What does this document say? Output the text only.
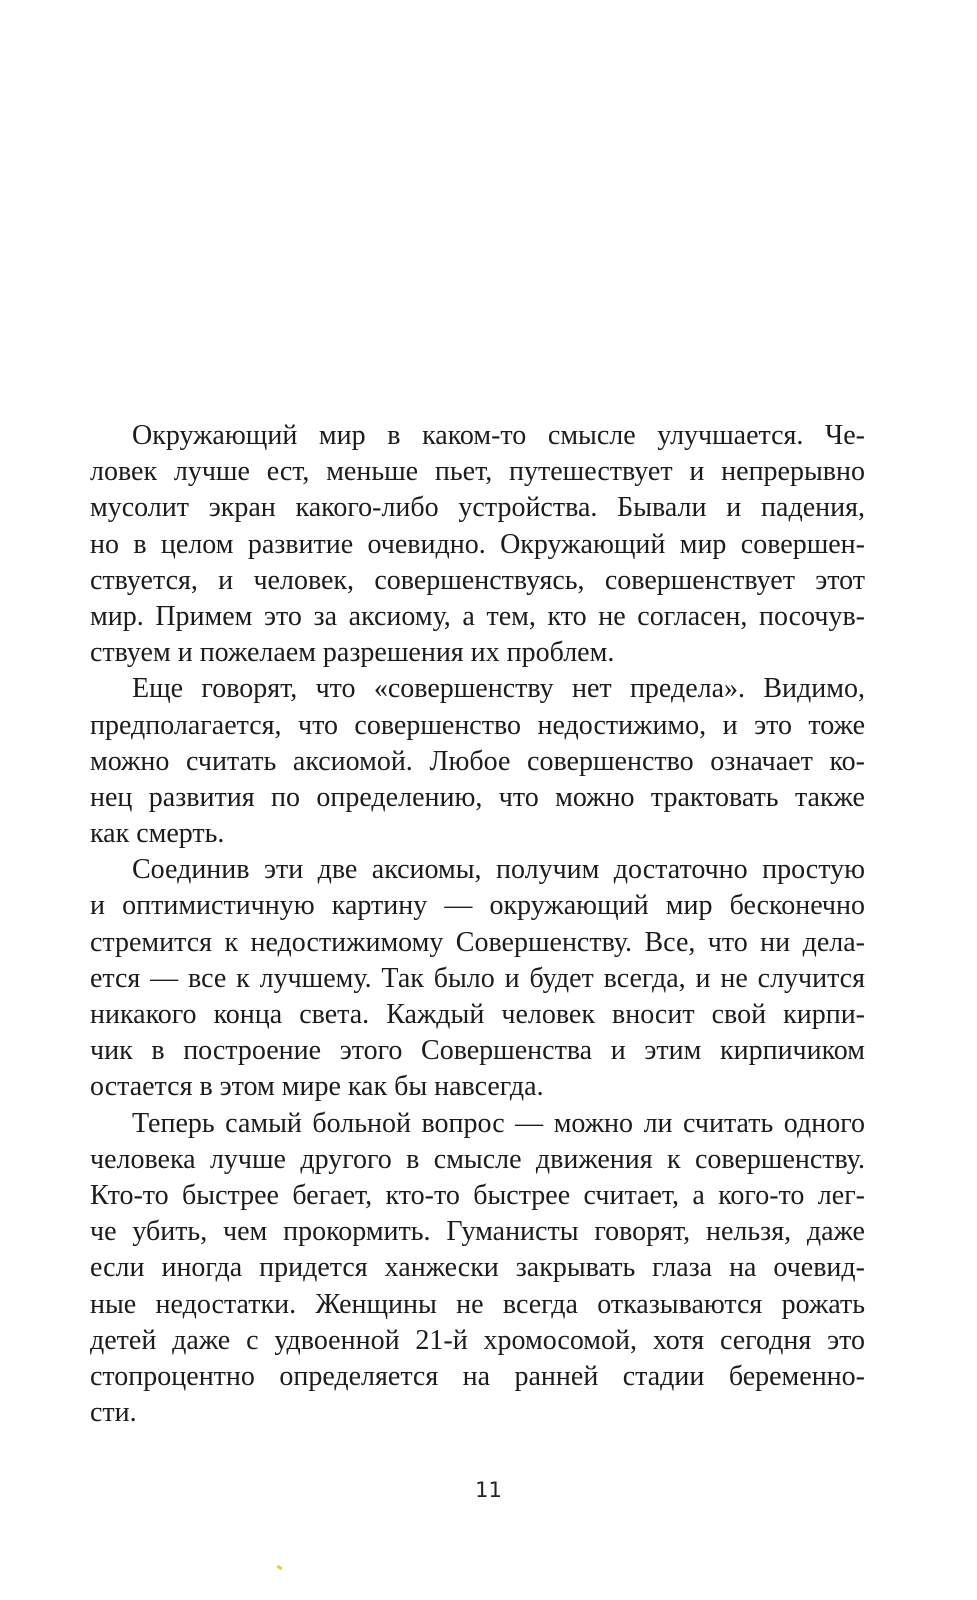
Окружающий мир в каком-то смысле улучшается. Че-
ловек лучше ест, меньше пьет, путешествует и непрерывно
мусолит экран какого-либо устройства. Бывали и падения,
но в целом развитие очевидно. Окружающий мир совершен-
ствуется, и человек, совершенствуясь, совершенствует этот
мир. Примем это за аксиому, а тем, кто не согласен, посочув-
ствуем и пожелаем разрешения их проблем.
Еще говорят, что «совершенству нет предела». Видимо,
предполагается, что совершенство недостижимо, и это тоже
можно считать аксиомой. Любое совершенство означает ко-
нец развития по определению, что можно трактовать также
как смерть.
Соединив эти две аксиомы, получим достаточно простую
и оптимистичную картину — окружающий мир бесконечно
стремится к недостижимому Совершенству. Все, что ни дела-
ется — все к лучшему. Так было и будет всегда, и не случится
никакого конца света. Каждый человек вносит свой кирпи-
чик в построение этого Совершенства и этим кирпичиком
остается в этом мире как бы навсегда.
Теперь самый больной вопрос — можно ли считать одного
человека лучше другого в смысле движения к совершенству.
Кто-то быстрее бегает, кто-то быстрее считает, а кого-то лег-
че убить, чем прокормить. Гуманисты говорят, нельзя, даже
если иногда придется ханжески закрывать глаза на очевид-
ные недостатки. Женщины не всегда отказываются рожать
детей даже с удвоенной 21-й хромосомой, хотя сегодня это
стопроцентно определяется на ранней стадии беременно-
сти.
11
